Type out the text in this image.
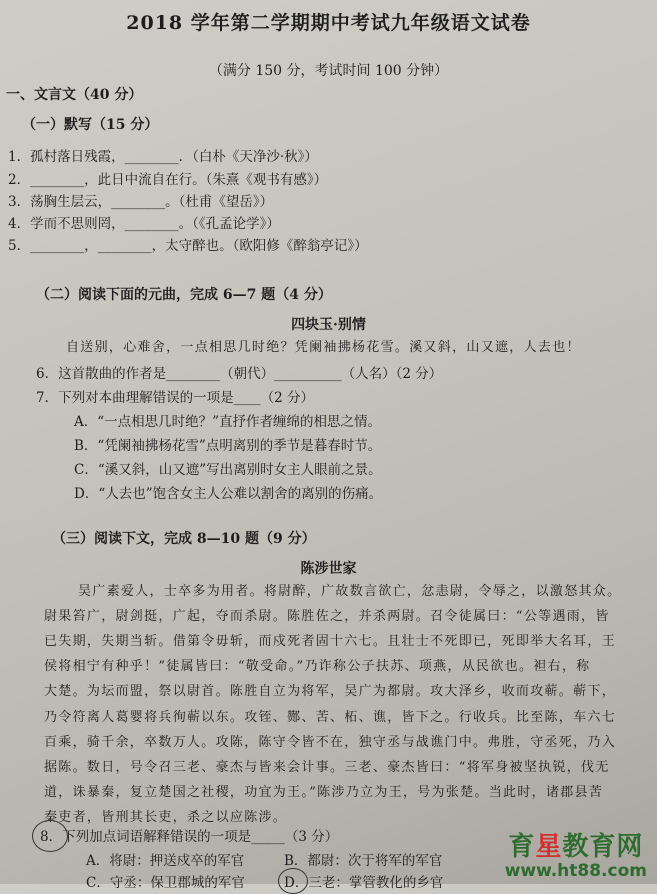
2018 学年第二学期期中考试九年级语文试卷
（满分 150 分，考试时间 100 分钟）
一、文言文（40 分）
（一）默写（15 分）
1．孤村落日残霞，________．（白朴《天净沙·秋》）
2．________，此日中流自在行。（朱熹《观书有感》）
3．荡胸生层云，________。（杜甫《望岳》）
4．学而不思则罔，________。（《孔孟论学》）
5．________，________，太守醉也。（欧阳修《醉翁亭记》）
（二）阅读下面的元曲，完成 6—7 题（4 分）
四块玉·别情
自送别，心难舍，一点相思几时绝？凭阑袖拂杨花雪。溪又斜，山又遮，人去也！
6．这首散曲的作者是________（朝代）__________（人名）（2 分）
7．下列对本曲理解错误的一项是____（2 分）
A．“一点相思几时绝？”直抒作者缠绵的相思之情。
B．“凭阑袖拂杨花雪”点明离别的季节是暮春时节。
C．“溪又斜，山又遮”写出离别时女主人眼前之景。
D．“人去也”饱含女主人公难以割舍的离别的伤痛。
（三）阅读下文，完成 8—10 题（9 分）
陈涉世家
吴广素爱人，士卒多为用者。将尉醉，广故数言欲亡，忿恚尉，令辱之，以激怒其众。
尉果笞广，尉剑挺，广起，夺而杀尉。陈胜佐之，并杀两尉。召令徒属曰：“公等遇雨，皆
已失期，失期当斩。借第令毋斩，而戍死者固十六七。且壮士不死即已，死即举大名耳，王
侯将相宁有种乎！”徒属皆曰：“敬受命。”乃诈称公子扶苏、项燕，从民欲也。袒右，称
大楚。为坛而盟，祭以尉首。陈胜自立为将军，吴广为都尉。攻大泽乡，收而攻蕲。蕲下，
乃令符离人葛婴将兵徇蕲以东。攻铚、酂、苦、柘、谯，皆下之。行收兵。比至陈，车六七
百乘，骑千余，卒数万人。攻陈，陈守令皆不在，独守丞与战谯门中。弗胜，守丞死，乃入
据陈。数日，号令召三老、豪杰与皆来会计事。三老、豪杰皆曰：“将军身被坚执锐，伐无
道，诛暴秦，复立楚国之社稷，功宜为王。”陈涉乃立为王，号为张楚。当此时，诸郡县苦
秦吏者，皆刑其长吏，杀之以应陈涉。
8．下列加点词语解释错误的一项是_____（3 分）
A．将尉：押送戍卒的军官	B．都尉：次于将军的军官
C．守丞：保卫郡城的军官	D．三老：掌管教化的乡官
育星教育网
www.ht88.com
